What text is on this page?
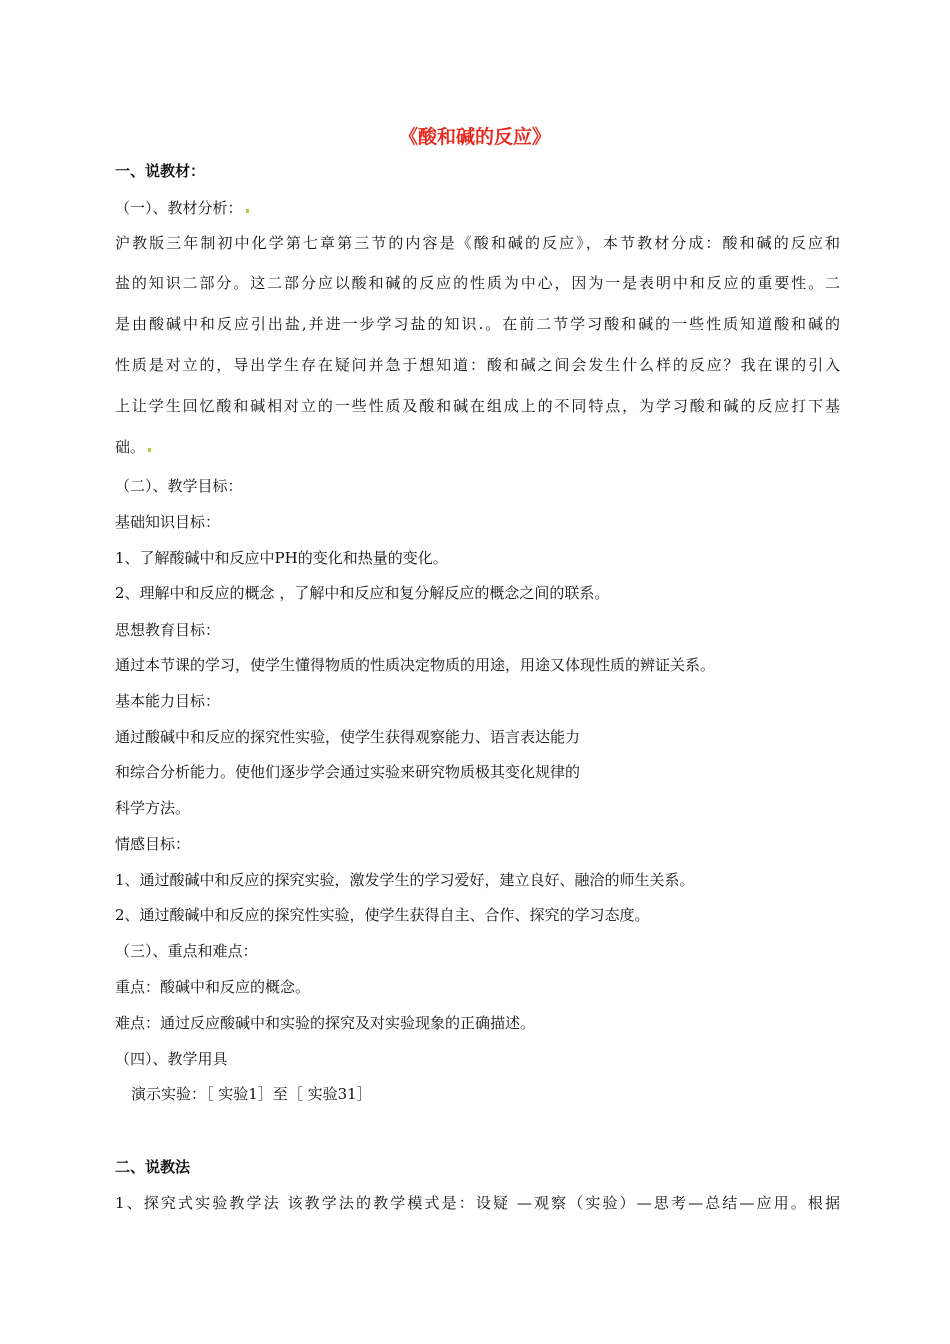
《酸和碱的反应》
一、说教材：
（一）、教材分析：
沪教版三年制初中化学第七章第三节的内容是《酸和碱的反应》，本节教材分成：酸和碱的反应和
盐的知识二部分。这二部分应以酸和碱的反应的性质为中心，因为一是表明中和反应的重要性。二
是由酸碱中和反应引出盐,并进一步学习盐的知识.。在前二节学习酸和碱的一些性质知道酸和碱的
性质是对立的，导出学生存在疑问并急于想知道：酸和碱之间会发生什么样的反应？我在课的引入
上让学生回忆酸和碱相对立的一些性质及酸和碱在组成上的不同特点，为学习酸和碱的反应打下基
础。
（二）、教学目标：
基础知识目标：
1、了解酸碱中和反应中PH的变化和热量的变化。
2、理解中和反应的概念 ，了解中和反应和复分解反应的概念之间的联系。
思想教育目标：
通过本节课的学习，使学生懂得物质的性质决定物质的用途，用途又体现性质的辨证关系。
基本能力目标：
通过酸碱中和反应的探究性实验，使学生获得观察能力、语言表达能力
和综合分析能力。使他们逐步学会通过实验来研究物质极其变化规律的
科学方法。
情感目标：
1、通过酸碱中和反应的探究实验，激发学生的学习爱好，建立良好、融洽的师生关系。
2、通过酸碱中和反应的探究性实验，使学生获得自主、合作、探究的学习态度。
（三）、重点和难点：
重点：酸碱中和反应的概念。
难点：通过反应酸碱中和实验的探究及对实验现象的正确描述。
（四）、教学用具
演示实验：［ 实验1］至［ 实验31］
二、说教法
1、探究式实验教学法 该教学法的教学模式是：设疑 —观察（实验）—思考—总结—应用。根据
